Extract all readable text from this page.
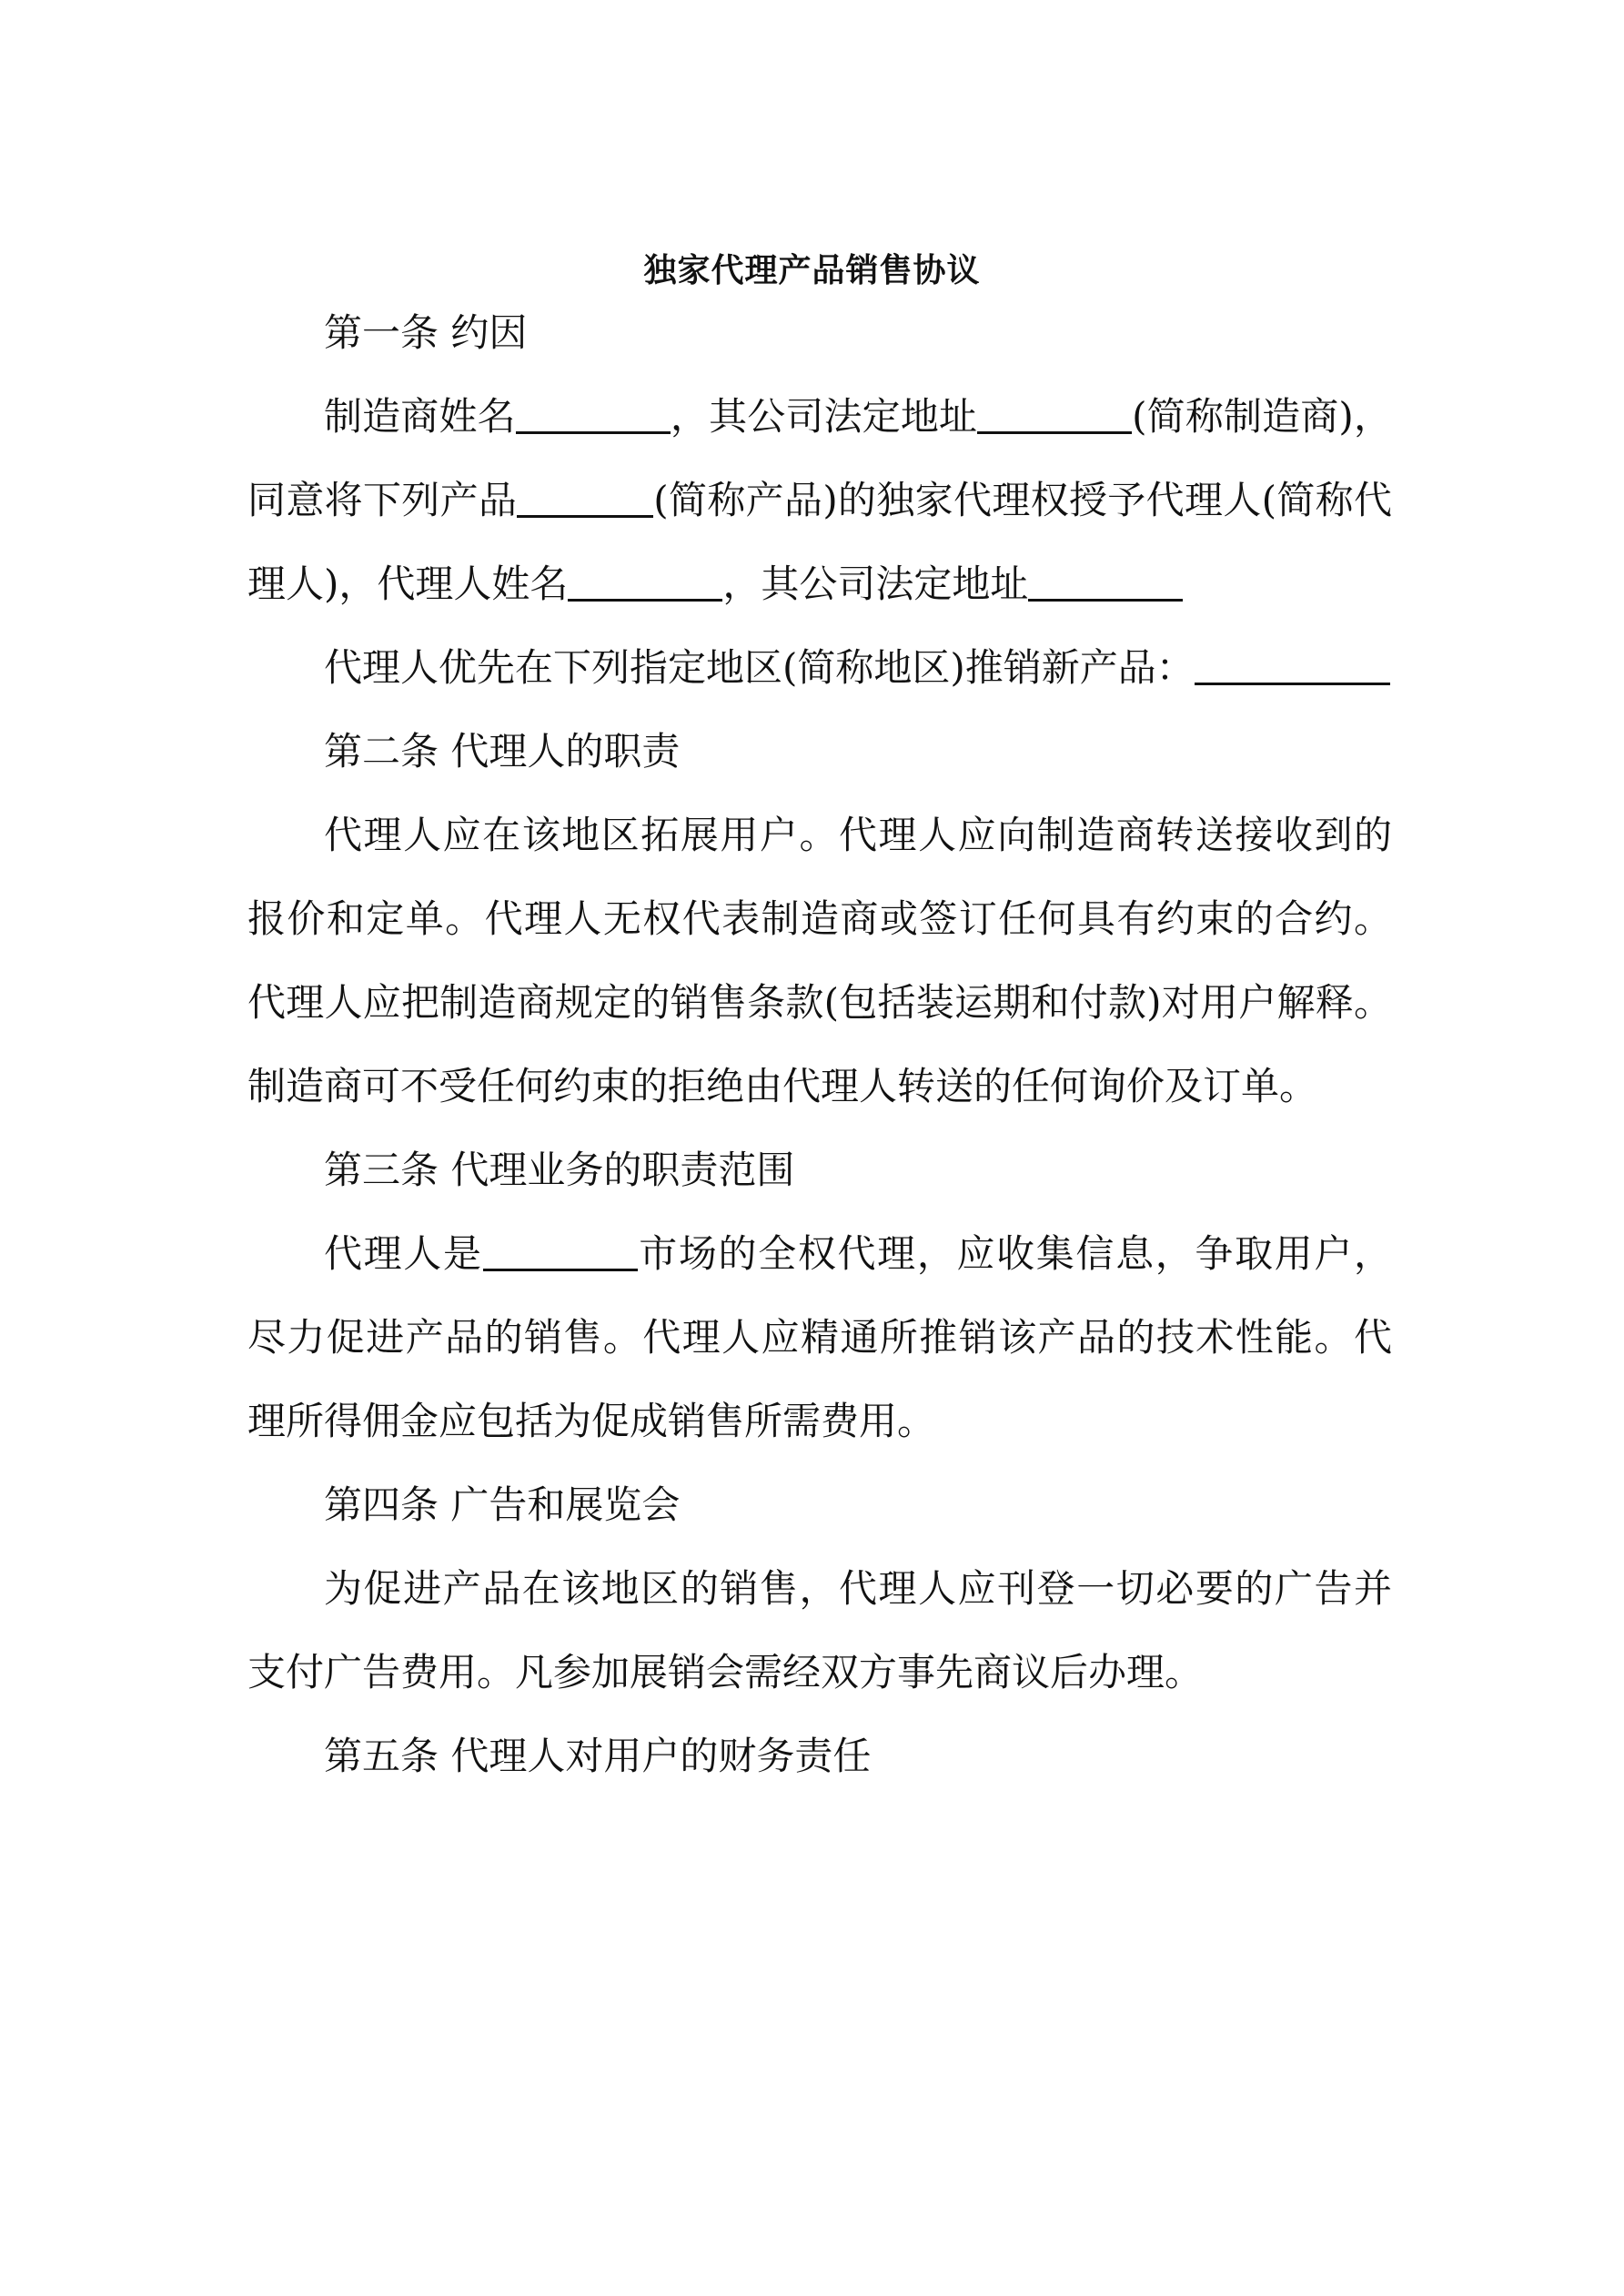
独家代理产品销售协议

第一条 约因

制造商姓名	，其公司法定地址	(简称制造商)，同意将下列产品	(简称产品)的独家代理权授予代理人(简称代理人)，代理人姓名	，其公司法定地址

代理人优先在下列指定地区(简称地区)推销新产品：

第二条 代理人的职责

代理人应在该地区拓展用户。代理人应向制造商转送接收到的报价和定单。代理人无权代表制造商或签订任何具有约束的合约。代理人应把制造商规定的销售条款(包括装运期和付款)对用户解释。制造商可不受任何约束的拒绝由代理人转送的任何询价及订单。

第三条 代理业务的职责范围

代理人是	市场的全权代理，应收集信息，争取用户，尽力促进产品的销售。代理人应精通所推销该产品的技术性能。代理所得佣金应包括为促成销售所需费用。

第四条 广告和展览会

为促进产品在该地区的销售，代理人应刊登一切必要的广告并支付广告费用。凡参加展销会需经双方事先商议后办理。

第五条 代理人对用户的财务责任
